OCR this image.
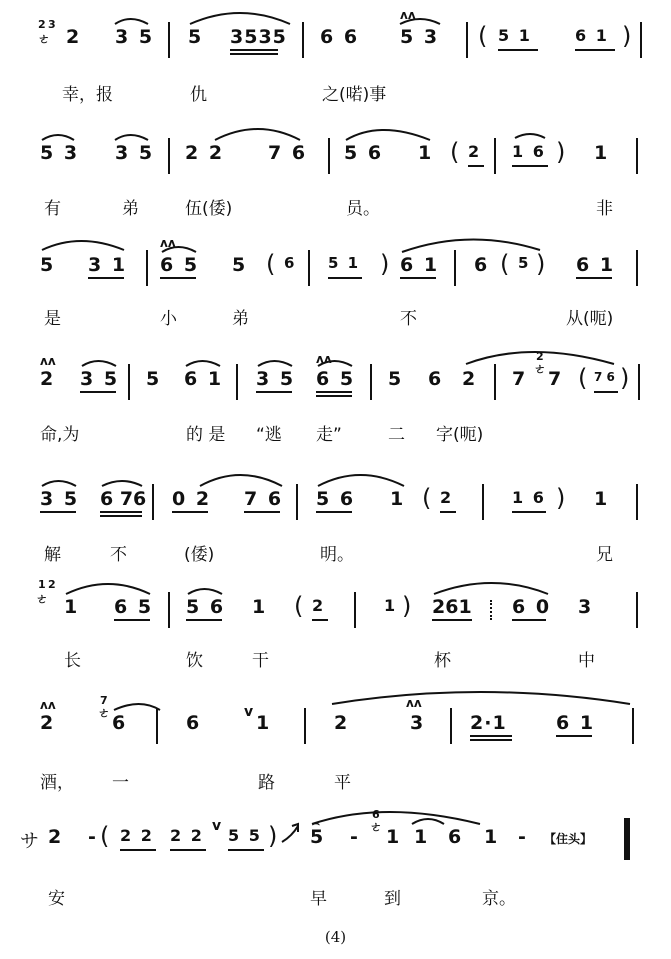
2 3
ㄜ 2 3 5 5 3535 6 6 5 3
ʌʌ
( 5 1	6 1 )
幸，报	仇	之(喏)事
5 3 3 5 2 2 7 6 5 6 1 ( 2 1 6 ) 1
有	弟	伍(倭)	员。	非
5 3 1 6 5
ʌʌ
5 ( 6 5 1 ) 6 1 6 ( 5 ) 6 1
是	小	弟	不	从(呃)
ʌʌ
2 3 5 5 6 1 3 5
ʌʌ
6 5 5 6 2 7
2
ㄜ 7 ( 7 6 )
命,为	的 是 “逃 走”	二 字(呃)
3 5 6 76 0 2 7 6 5 6 1 ( 2	1 6 ) 1
解	不	(倭)	明。	兄
1 2
ㄜ 1 6 5 5 6 1 ( 2	1 ) 261 6 0 3
长	饮	干	杯	中
ʌʌ
2
7
ㄜ 6	6	v 1	2
ʌʌ
3 2·1	6 1
酒， 一	路	平
サ 2 - ( 2 2 2 2 v 5 5 )	⌢
5 -
6
ㄜ 1 1 6 1 - 【住头】
安	早	到	京。
(4)
